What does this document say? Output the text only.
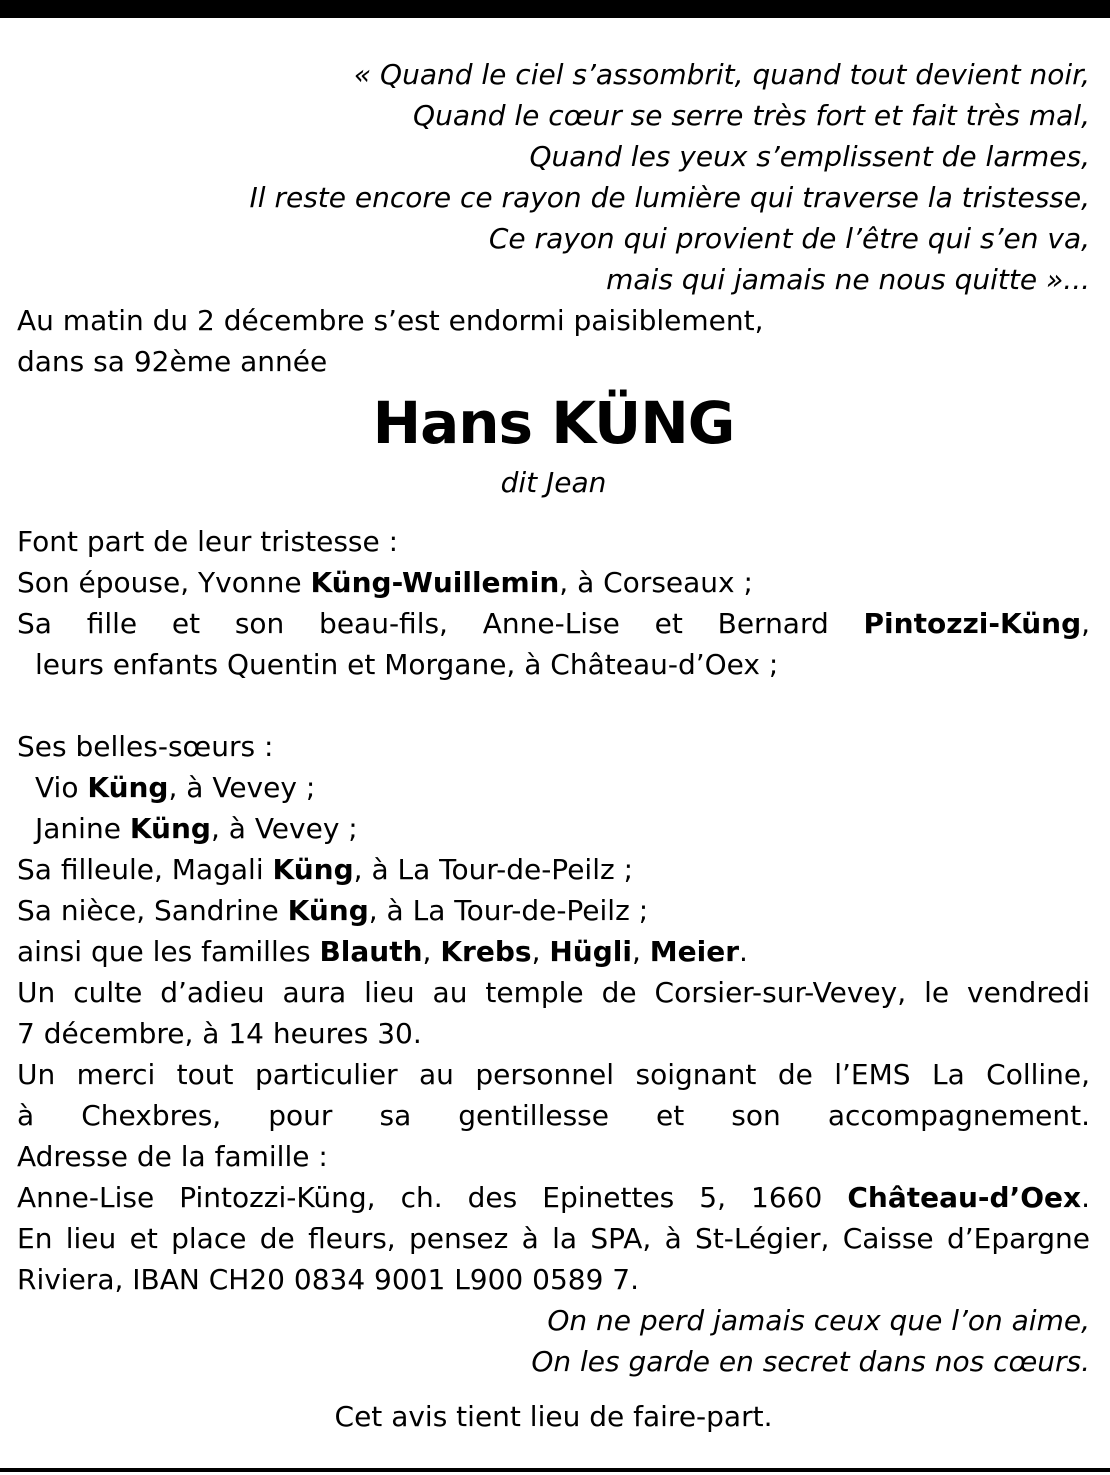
« Quand le ciel s’assombrit, quand tout devient noir,
Quand le cœur se serre très fort et fait très mal,
Quand les yeux s’emplissent de larmes,
Il reste encore ce rayon de lumière qui traverse la tristesse,
Ce rayon qui provient de l’être qui s’en va,
mais qui jamais ne nous quitte »...
Au matin du 2 décembre s’est endormi paisiblement,
dans sa 92ème année
Hans KÜNG
dit Jean
Font part de leur tristesse :
Son épouse, Yvonne Küng-Wuillemin, à Corseaux ;
Sa fille et son beau-fils, Anne-Lise et Bernard Pintozzi-Küng,
leurs enfants Quentin et Morgane, à Château-d’Oex ;
Ses belles-sœurs :
Vio Küng, à Vevey ;
Janine Küng, à Vevey ;
Sa filleule, Magali Küng, à La Tour-de-Peilz ;
Sa nièce, Sandrine Küng, à La Tour-de-Peilz ;
ainsi que les familles Blauth, Krebs, Hügli, Meier.
Un culte d’adieu aura lieu au temple de Corsier-sur-Vevey, le vendredi
7 décembre, à 14 heures 30.
Un merci tout particulier au personnel soignant de l’EMS La Colline,
à Chexbres, pour sa gentillesse et son accompagnement.
Adresse de la famille :
Anne-Lise Pintozzi-Küng, ch. des Epinettes 5, 1660 Château-d’Oex.
En lieu et place de fleurs, pensez à la SPA, à St-Légier, Caisse d’Epargne
Riviera, IBAN CH20 0834 9001 L900 0589 7.
On ne perd jamais ceux que l’on aime,
On les garde en secret dans nos cœurs.
Cet avis tient lieu de faire-part.
